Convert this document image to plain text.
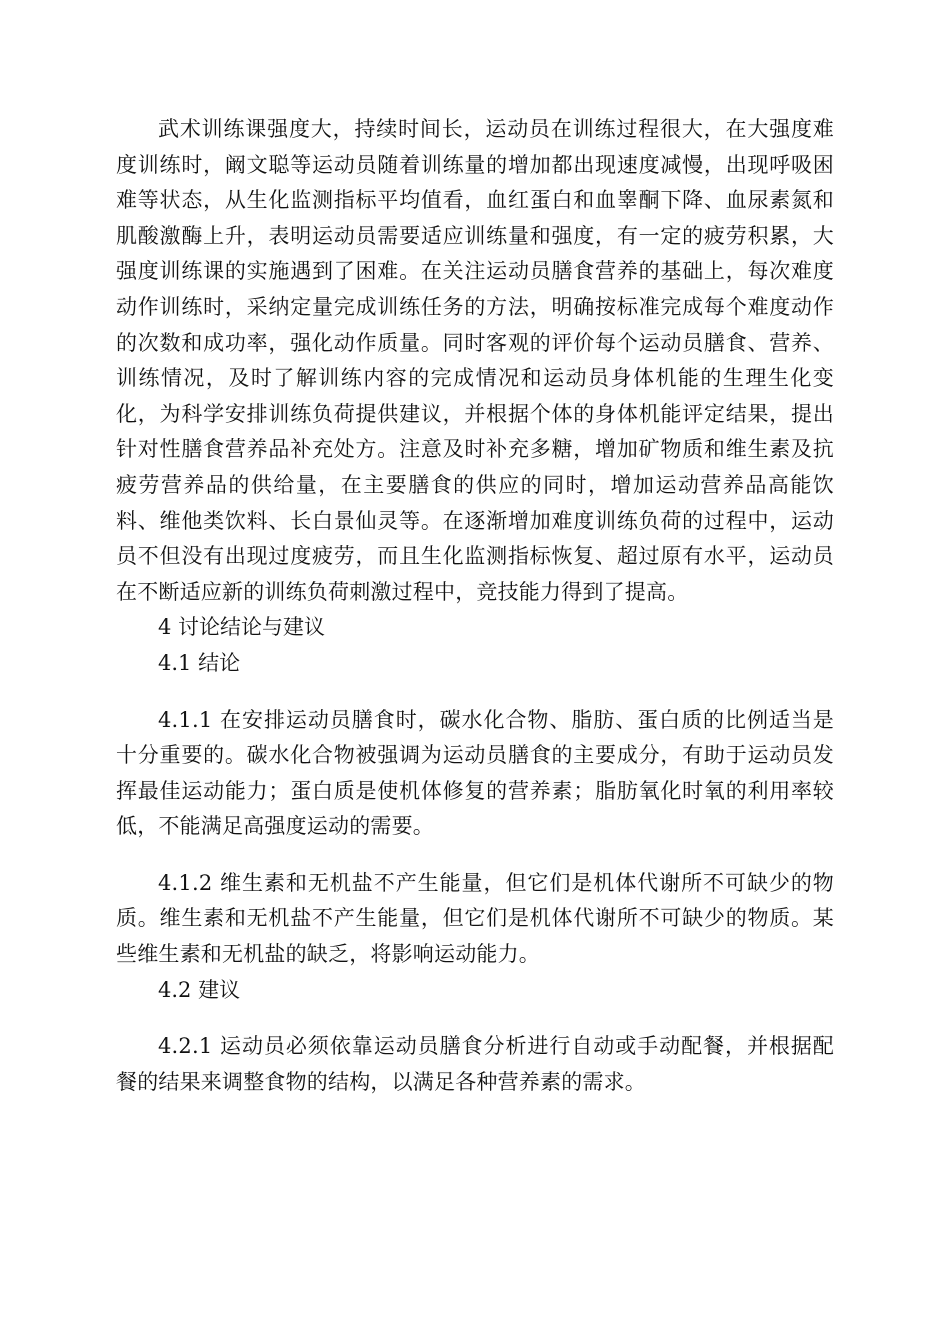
武术训练课强度大，持续时间长，运动员在训练过程很大，在大强度难度训练时，阚文聪等运动员随着训练量的增加都出现速度减慢，出现呼吸困难等状态，从生化监测指标平均值看，血红蛋白和血睾酮下降、血尿素氮和肌酸激酶上升，表明运动员需要适应训练量和强度，有一定的疲劳积累，大强度训练课的实施遇到了困难。在关注运动员膳食营养的基础上，每次难度动作训练时，采纳定量完成训练任务的方法，明确按标准完成每个难度动作的次数和成功率，强化动作质量。同时客观的评价每个运动员膳食、营养、训练情况，及时了解训练内容的完成情况和运动员身体机能的生理生化变化，为科学安排训练负荷提供建议，并根据个体的身体机能评定结果，提出针对性膳食营养品补充处方。注意及时补充多糖，增加矿物质和维生素及抗疲劳营养品的供给量，在主要膳食的供应的同时，增加运动营养品高能饮料、维他类饮料、长白景仙灵等。在逐渐增加难度训练负荷的过程中，运动员不但没有出现过度疲劳，而且生化监测指标恢复、超过原有水平，运动员在不断适应新的训练负荷刺激过程中，竞技能力得到了提高。

4 讨论结论与建议

4.1 结论

4.1.1 在安排运动员膳食时，碳水化合物、脂肪、蛋白质的比例适当是十分重要的。碳水化合物被强调为运动员膳食的主要成分，有助于运动员发挥最佳运动能力；蛋白质是使机体修复的营养素；脂肪氧化时氧的利用率较低，不能满足高强度运动的需要。

4.1.2 维生素和无机盐不产生能量，但它们是机体代谢所不可缺少的物质。维生素和无机盐不产生能量，但它们是机体代谢所不可缺少的物质。某些维生素和无机盐的缺乏，将影响运动能力。

4.2 建议

4.2.1 运动员必须依靠运动员膳食分析进行自动或手动配餐，并根据配餐的结果来调整食物的结构，以满足各种营养素的需求。
